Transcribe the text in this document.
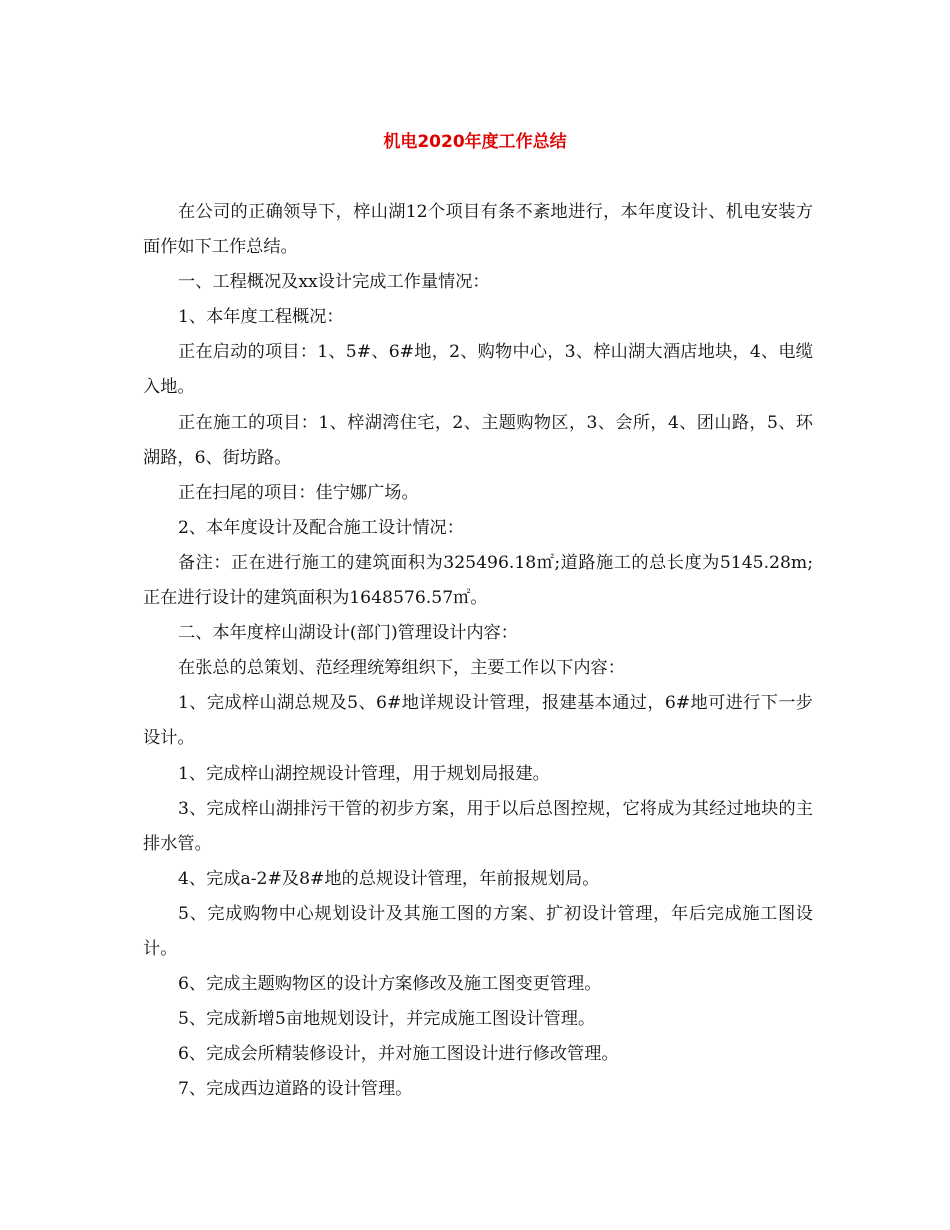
机电2020年度工作总结

在公司的正确领导下，梓山湖12个项目有条不紊地进行，本年度设计、机电安装方面作如下工作总结。

一、工程概况及xx设计完成工作量情况：

1、本年度工程概况：

正在启动的项目：1、5#、6#地，2、购物中心，3、梓山湖大酒店地块，4、电缆入地。

正在施工的项目：1、梓湖湾住宅，2、主题购物区，3、会所，4、团山路，5、环湖路，6、街坊路。

正在扫尾的项目：佳宁娜广场。

2、本年度设计及配合施工设计情况：

备注：正在进行施工的建筑面积为325496.18㎡;道路施工的总长度为5145.28m;正在进行设计的建筑面积为1648576.57㎡。

二、本年度梓山湖设计(部门)管理设计内容：

在张总的总策划、范经理统筹组织下，主要工作以下内容：

1、完成梓山湖总规及5、6#地详规设计管理，报建基本通过，6#地可进行下一步设计。

1、完成梓山湖控规设计管理，用于规划局报建。

3、完成梓山湖排污干管的初步方案，用于以后总图控规，它将成为其经过地块的主排水管。

4、完成a-2#及8#地的总规设计管理，年前报规划局。

5、完成购物中心规划设计及其施工图的方案、扩初设计管理，年后完成施工图设计。

6、完成主题购物区的设计方案修改及施工图变更管理。

5、完成新增5亩地规划设计，并完成施工图设计管理。

6、完成会所精装修设计，并对施工图设计进行修改管理。

7、完成西边道路的设计管理。
